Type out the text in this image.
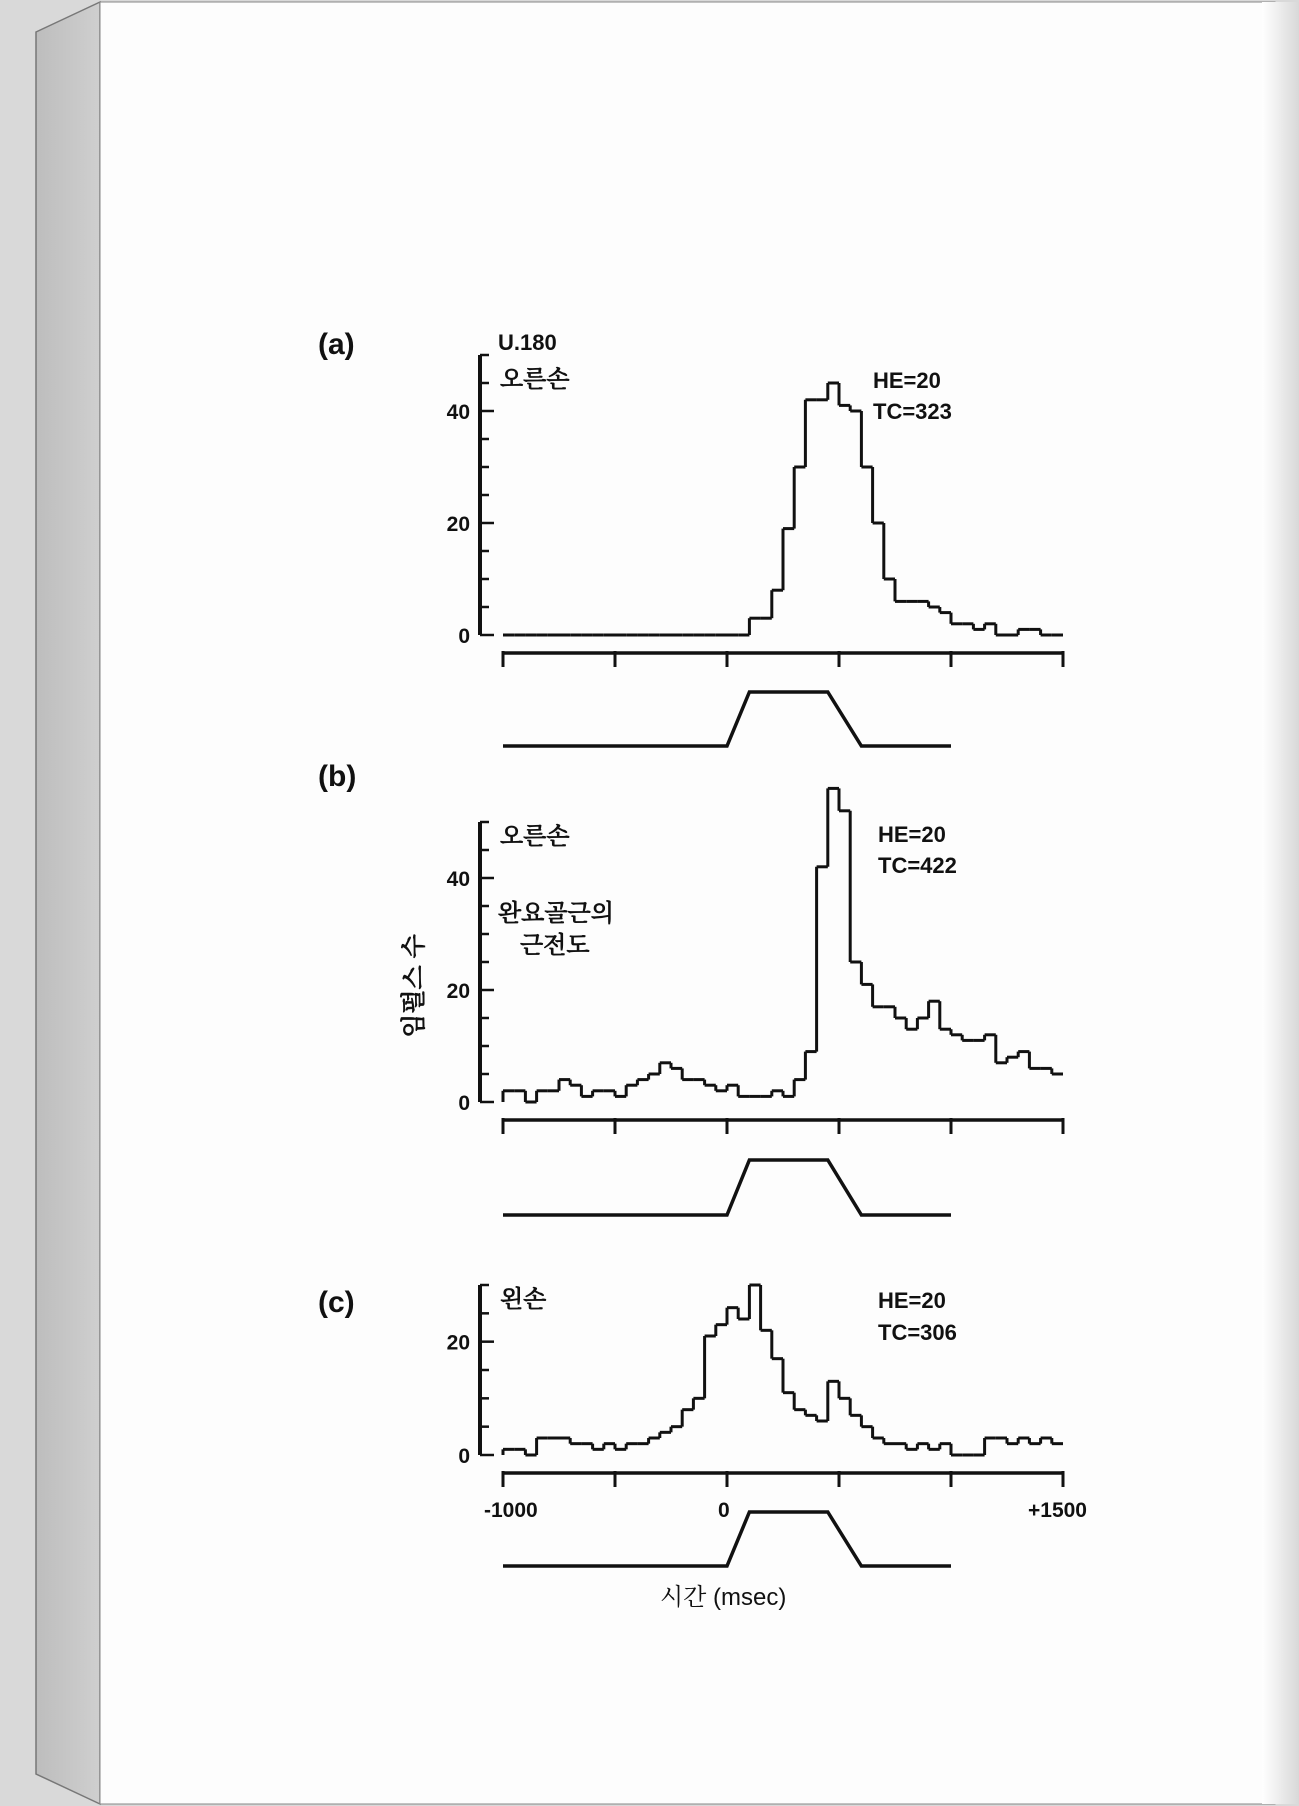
0
20
40
0
20
40
0
20
(a)
(b)
(c)
U.180
오른손	HE=20
TC=323
오른손
완요골근의
근전도
HE=20
TC=422
왼손	HE=20
TC=306
임펄스 수
-1000	0	+1500
시간 (msec)
